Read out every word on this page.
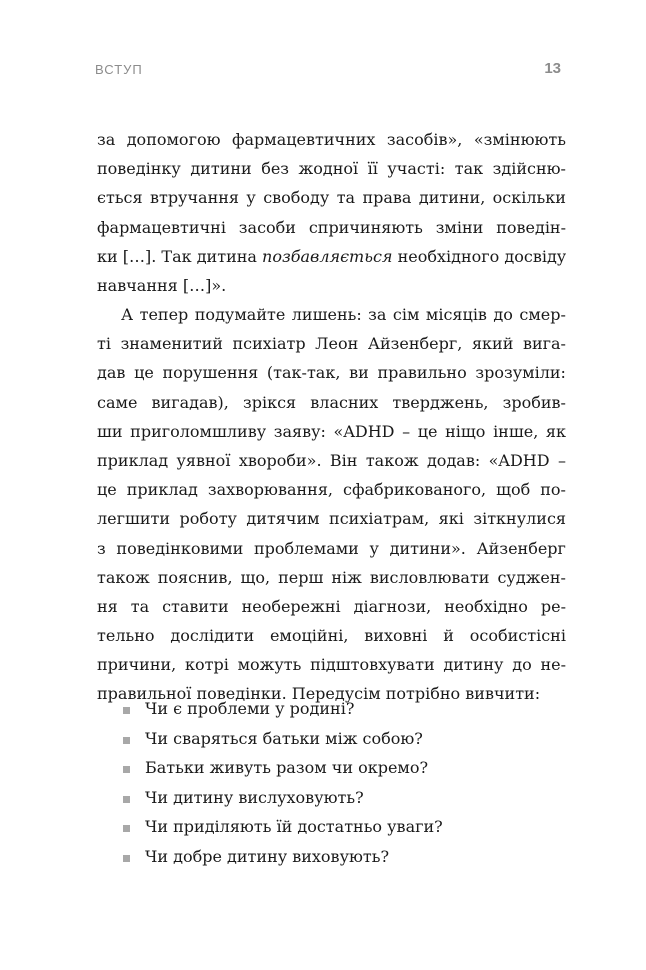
ВСТУП	13
за допомогою фармацевтичних засобів», «змінюють
поведінку дитини без жодної її участі: так здійсню-
ється втручання у свободу та права дитини, оскільки
фармацевтичні засоби спричиняють зміни поведін-
ки […]. Так дитина позбавляється необхідного досвіду
навчання […]».
А тепер подумайте лишень: за сім місяців до смер-
ті знаменитий психіатр Леон Айзенберг, який вига-
дав це порушення (так-так, ви правильно зрозуміли:
саме вигадав), зрікся власних тверджень, зробив-
ши приголомшливу заяву: «ADHD – це ніщо інше, як
приклад уявної хвороби». Він також додав: «ADHD –
це приклад захворювання, сфабрикованого, щоб по-
легшити роботу дитячим психіатрам, які зіткнулися
з поведінковими проблемами у дитини». Айзенберг
також пояснив, що, перш ніж висловлювати суджен-
ня та ставити необережні діагнози, необхідно ре-
тельно дослідити емоційні, виховні й особистісні
причини, котрі можуть підштовхувати дитину до не-
правильної поведінки. Передусім потрібно вивчити:
Чи є проблеми у родині?
Чи сваряться батьки між собою?
Батьки живуть разом чи окремо?
Чи дитину вислуховують?
Чи приділяють їй достатньо уваги?
Чи добре дитину виховують?
